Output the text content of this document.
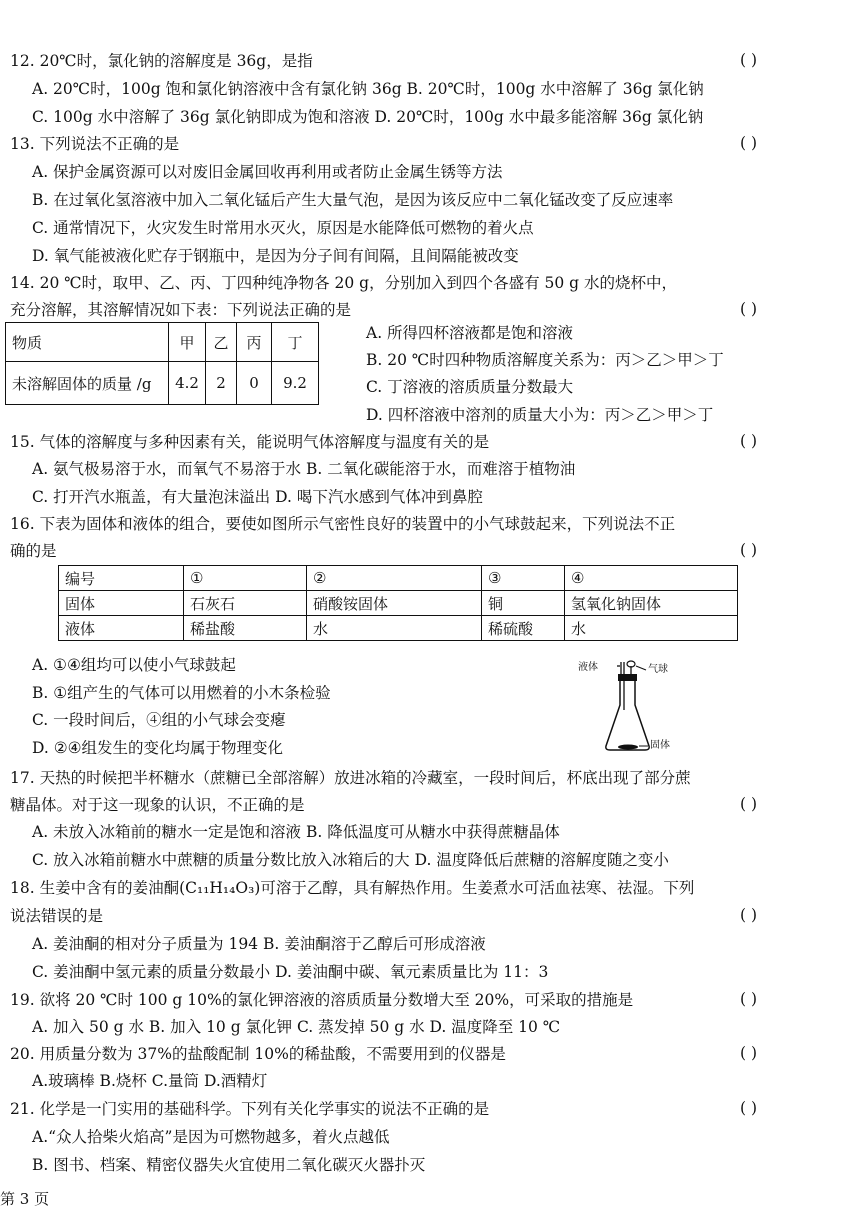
12. 20℃时，氯化钠的溶解度是 36g，是指	( )
A. 20℃时，100g 饱和氯化钠溶液中含有氯化钠 36g B. 20℃时，100g 水中溶解了 36g 氯化钠
C. 100g 水中溶解了 36g 氯化钠即成为饱和溶液 D. 20℃时，100g 水中最多能溶解 36g 氯化钠
13. 下列说法不正确的是	( )
A. 保护金属资源可以对废旧金属回收再利用或者防止金属生锈等方法
B. 在过氧化氢溶液中加入二氧化锰后产生大量气泡，是因为该反应中二氧化锰改变了反应速率
C. 通常情况下，火灾发生时常用水灭火，原因是水能降低可燃物的着火点
D. 氧气能被液化贮存于钢瓶中，是因为分子间有间隔，且间隔能被改变
14. 20 ℃时，取甲、乙、丙、丁四种纯净物各 20 g，分别加入到四个各盛有 50 g 水的烧杯中，
充分溶解，其溶解情况如下表：下列说法正确的是	( )
物质	甲	乙	丙	丁
未溶解固体的质量 /g	4.2	2	0	9.2
A. 所得四杯溶液都是饱和溶液
B. 20 ℃时四种物质溶解度关系为：丙＞乙＞甲＞丁
C. 丁溶液的溶质质量分数最大
D. 四杯溶液中溶剂的质量大小为：丙＞乙＞甲＞丁
15. 气体的溶解度与多种因素有关，能说明气体溶解度与温度有关的是	( )
A. 氨气极易溶于水，而氧气不易溶于水 B. 二氧化碳能溶于水，而难溶于植物油
C. 打开汽水瓶盖，有大量泡沫溢出 D. 喝下汽水感到气体冲到鼻腔
16. 下表为固体和液体的组合，要使如图所示气密性良好的装置中的小气球鼓起来，下列说法不正
确的是	( )
编号	①	②	③	④
固体	石灰石	硝酸铵固体	铜	氢氧化钠固体
液体	稀盐酸	水	稀硫酸	水
A. ①④组均可以使小气球鼓起
B. ①组产生的气体可以用燃着的小木条检验
C. 一段时间后，④组的小气球会变瘪
D. ②④组发生的变化均属于物理变化
液体	气球
固体
17. 天热的时候把半杯糖水（蔗糖已全部溶解）放进冰箱的冷藏室，一段时间后，杯底出现了部分蔗
糖晶体。对于这一现象的认识，不正确的是	( )
A. 未放入冰箱前的糖水一定是饱和溶液 B. 降低温度可从糖水中获得蔗糖晶体
C. 放入冰箱前糖水中蔗糖的质量分数比放入冰箱后的大 D. 温度降低后蔗糖的溶解度随之变小
18. 生姜中含有的姜油酮(C₁₁H₁₄O₃)可溶于乙醇，具有解热作用。生姜煮水可活血祛寒、祛湿。下列
说法错误的是	( )
A. 姜油酮的相对分子质量为 194 B. 姜油酮溶于乙醇后可形成溶液
C. 姜油酮中氢元素的质量分数最小 D. 姜油酮中碳、氧元素质量比为 11：3
19. 欲将 20 ℃时 100 g 10%的氯化钾溶液的溶质质量分数增大至 20%，可采取的措施是	( )
A. 加入 50 g 水 B. 加入 10 g 氯化钾 C. 蒸发掉 50 g 水 D. 温度降至 10 ℃
20. 用质量分数为 37%的盐酸配制 10%的稀盐酸，不需要用到的仪器是	( )
A.玻璃棒 B.烧杯 C.量筒 D.酒精灯
21. 化学是一门实用的基础科学。下列有关化学事实的说法不正确的是	( )
A.“众人拾柴火焰高”是因为可燃物越多，着火点越低
B. 图书、档案、精密仪器失火宜使用二氧化碳灭火器扑灭
第 3 页
